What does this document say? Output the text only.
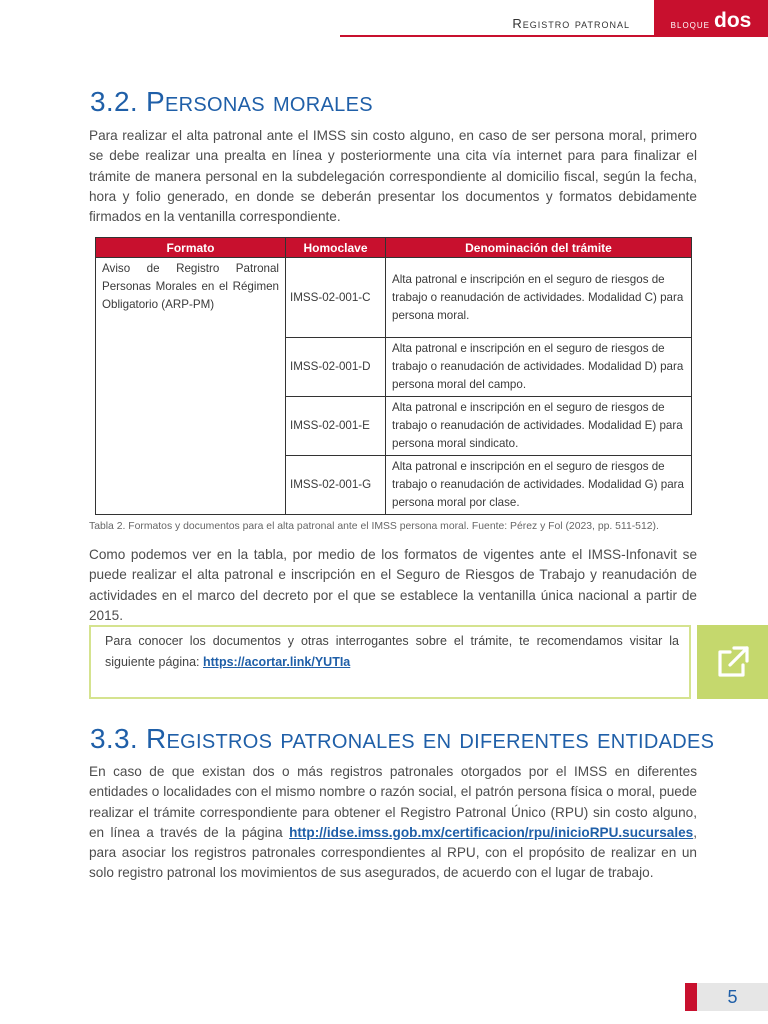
Registro patronal	bloque dos
3.2. Personas morales

Para realizar el alta patronal ante el IMSS sin costo alguno, en caso de ser persona moral, primero se debe realizar una prealta en línea y posteriormente una cita vía internet para para finalizar el trámite de manera personal en la subdelegación correspondiente al domicilio fiscal, según la fecha, hora y folio generado, en donde se deberán presentar los documentos y formatos debidamente firmados en la ventanilla correspondiente.

Formato	Homoclave	Denominación del trámite
Aviso de Registro Patronal Personas Morales en el Régimen Obligatorio (ARP-PM)	IMSS-02-001-C	Alta patronal e inscripción en el seguro de riesgos de trabajo o reanudación de actividades. Modalidad C) para persona moral.
	IMSS-02-001-D	Alta patronal e inscripción en el seguro de riesgos de trabajo o reanudación de actividades. Modalidad D) para persona moral del campo.
	IMSS-02-001-E	Alta patronal e inscripción en el seguro de riesgos de trabajo o reanudación de actividades. Modalidad E) para persona moral sindicato.
	IMSS-02-001-G	Alta patronal e inscripción en el seguro de riesgos de trabajo o reanudación de actividades. Modalidad G) para persona moral por clase.
Tabla 2. Formatos y documentos para el alta patronal ante el IMSS persona moral. Fuente: Pérez y Fol (2023, pp. 511-512).

Como podemos ver en la tabla, por medio de los formatos de vigentes ante el IMSS-Infonavit se puede realizar el alta patronal e inscripción en el Seguro de Riesgos de Trabajo y reanudación de actividades en el marco del decreto por el que se establece la ventanilla única nacional a partir de 2015.

Para conocer los documentos y otras interrogantes sobre el trámite, te recomendamos visitar la siguiente página: https://acortar.link/YUTIa

3.3. Registros patronales en diferentes entidades

En caso de que existan dos o más registros patronales otorgados por el IMSS en diferentes entidades o localidades con el mismo nombre o razón social, el patrón persona física o moral, puede realizar el trámite correspondiente para obtener el Registro Patronal Único (RPU) sin costo alguno, en línea a través de la página http://idse.imss.gob.mx/certificacion/rpu/inicioRPU.sucursales, para asociar los registros patronales correspondientes al RPU, con el propósito de realizar en un solo registro patronal los movimientos de sus asegurados, de acuerdo con el lugar de trabajo.

5
